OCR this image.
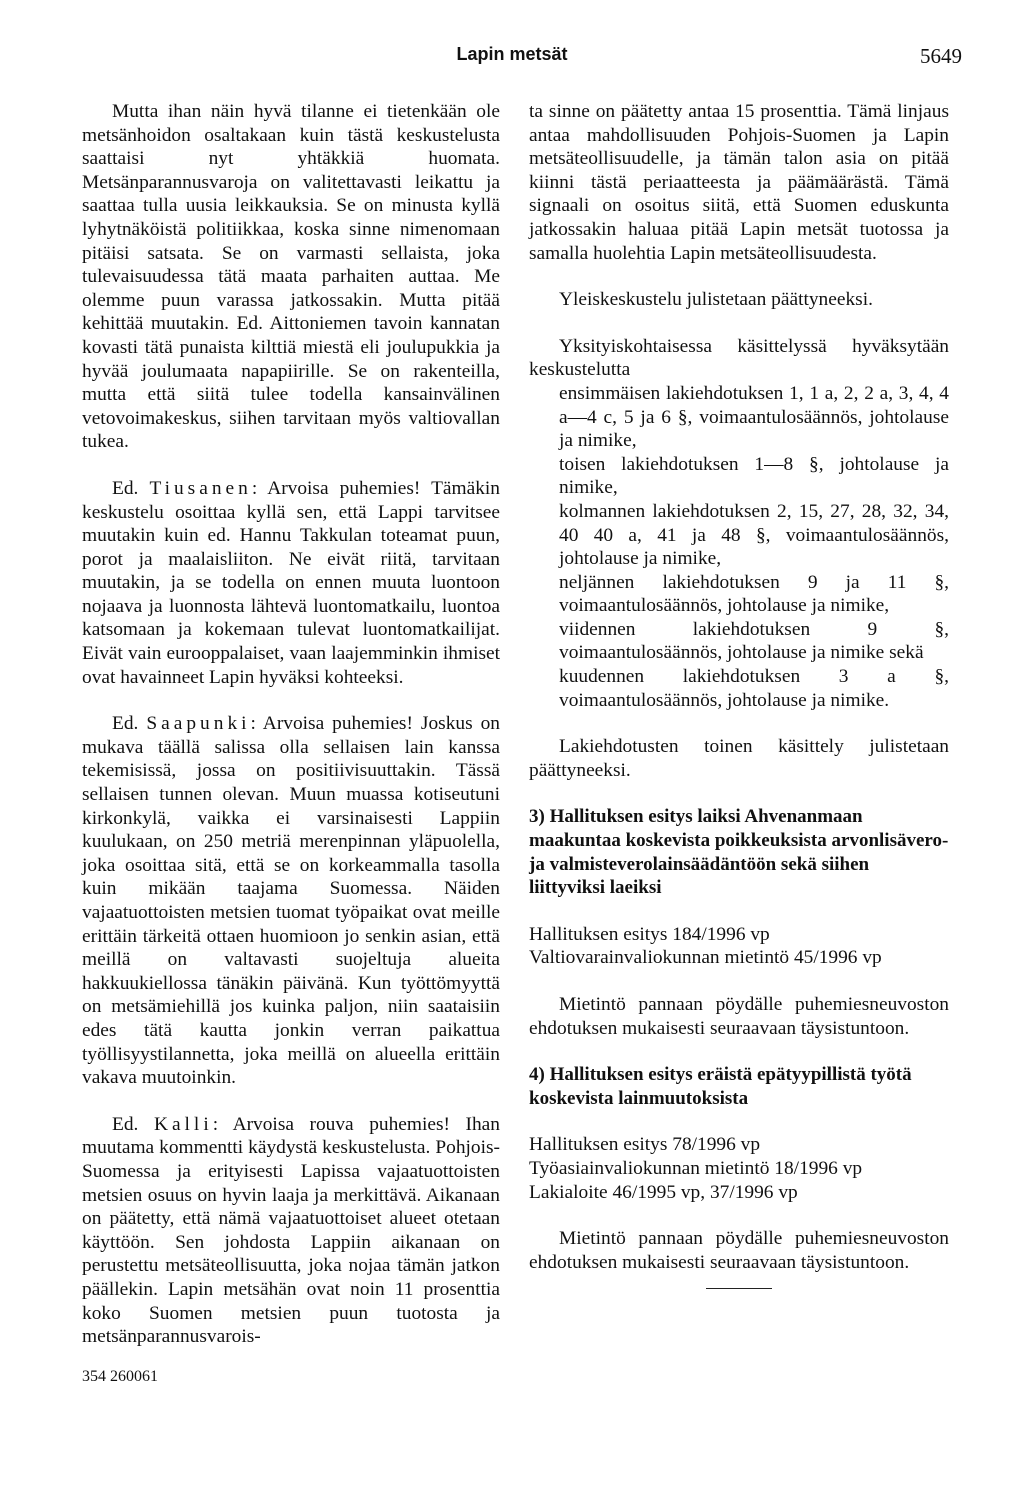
Lapin metsät	5649

Mutta ihan näin hyvä tilanne ei tietenkään ole metsänhoidon osaltakaan kuin tästä keskustelusta saattaisi nyt yhtäkkiä huomata. Metsänparannusvaroja on valitettavasti leikattu ja saattaa tulla uusia leikkauksia. Se on minusta kyllä lyhytnäköistä politiikkaa, koska sinne nimenomaan pitäisi satsata. Se on varmasti sellaista, joka tulevaisuudessa tätä maata parhaiten auttaa. Me olemme puun varassa jatkossakin. Mutta pitää kehittää muutakin. Ed. Aittoniemen tavoin kannatan kovasti tätä punaista kilttiä miestä eli joulupukkia ja hyvää joulumaata napapiirille. Se on rakenteilla, mutta että siitä tulee todella kansainvälinen vetovoimakeskus, siihen tarvitaan myös valtiovallan tukea.

Ed. Tiusanen: Arvoisa puhemies! Tämäkin keskustelu osoittaa kyllä sen, että Lappi tarvitsee muutakin kuin ed. Hannu Takkulan toteamat puun, porot ja maalaisliiton. Ne eivät riitä, tarvitaan muutakin, ja se todella on ennen muuta luontoon nojaava ja luonnosta lähtevä luontomatkailu, luontoa katsomaan ja kokemaan tulevat luontomatkailijat. Eivät vain eurooppalaiset, vaan laajemminkin ihmiset ovat havainneet Lapin hyväksi kohteeksi.

Ed. Saapunki: Arvoisa puhemies! Joskus on mukava täällä salissa olla sellaisen lain kanssa tekemisissä, jossa on positiivisuuttakin. Tässä sellaisen tunnen olevan. Muun muassa kotiseutuni kirkonkylä, vaikka ei varsinaisesti Lappiin kuulukaan, on 250 metriä merenpinnan yläpuolella, joka osoittaa sitä, että se on korkeammalla tasolla kuin mikään taajama Suomessa. Näiden vajaatuottoisten metsien tuomat työpaikat ovat meille erittäin tärkeitä ottaen huomioon jo senkin asian, että meillä on valtavasti suojeltuja alueita hakkuukiellossa tänäkin päivänä. Kun työttömyyttä on metsämiehillä jos kuinka paljon, niin saataisiin edes tätä kautta jonkin verran paikattua työllisyystilannetta, joka meillä on alueella erittäin vakava muutoinkin.

Ed. Kalli: Arvoisa rouva puhemies! Ihan muutama kommentti käydystä keskustelusta. Pohjois-Suomessa ja erityisesti Lapissa vajaatuottoisten metsien osuus on hyvin laaja ja merkittävä. Aikanaan on päätetty, että nämä vajaatuottoiset alueet otetaan käyttöön. Sen johdosta Lappiin aikanaan on perustettu metsäteollisuutta, joka nojaa tämän jatkon päällekin. Lapin metsähän ovat noin 11 prosenttia koko Suomen metsien puun tuotosta ja metsänparannusvarois-

ta sinne on päätetty antaa 15 prosenttia. Tämä linjaus antaa mahdollisuuden Pohjois-Suomen ja Lapin metsäteollisuudelle, ja tämän talon asia on pitää kiinni tästä periaatteesta ja päämäärästä. Tämä signaali on osoitus siitä, että Suomen eduskunta jatkossakin haluaa pitää Lapin metsät tuotossa ja samalla huolehtia Lapin metsäteollisuudesta.

Yleiskeskustelu julistetaan päättyneeksi.

Yksityiskohtaisessa käsittelyssä hyväksytään keskustelutta

ensimmäisen lakiehdotuksen 1, 1 a, 2, 2 a, 3, 4, 4 a—4 c, 5 ja 6 §, voimaantulosäännös, johtolause ja nimike,

toisen lakiehdotuksen 1—8 §, johtolause ja nimike,

kolmannen lakiehdotuksen 2, 15, 27, 28, 32, 34, 40 40 a, 41 ja 48 §, voimaantulosäännös, johtolause ja nimike,

neljännen lakiehdotuksen 9 ja 11 §, voimaantulosäännös, johtolause ja nimike,

viidennen lakiehdotuksen 9 §, voimaantulosäännös, johtolause ja nimike sekä

kuudennen lakiehdotuksen 3 a §, voimaantulosäännös, johtolause ja nimike.

Lakiehdotusten toinen käsittely julistetaan päättyneeksi.

3) Hallituksen esitys laiksi Ahvenanmaan maakuntaa koskevista poikkeuksista arvonlisävero- ja valmisteverolainsäädäntöön sekä siihen liittyviksi laeiksi

Hallituksen esitys 184/1996 vp

Valtiovarainvaliokunnan mietintö 45/1996 vp

Mietintö pannaan pöydälle puhemiesneuvoston ehdotuksen mukaisesti seuraavaan täysistuntoon.

4) Hallituksen esitys eräistä epätyypillistä työtä koskevista lainmuutoksista

Hallituksen esitys 78/1996 vp

Työasiainvaliokunnan mietintö 18/1996 vp

Lakialoite 46/1995 vp, 37/1996 vp

Mietintö pannaan pöydälle puhemiesneuvoston ehdotuksen mukaisesti seuraavaan täysistuntoon.

354 260061
